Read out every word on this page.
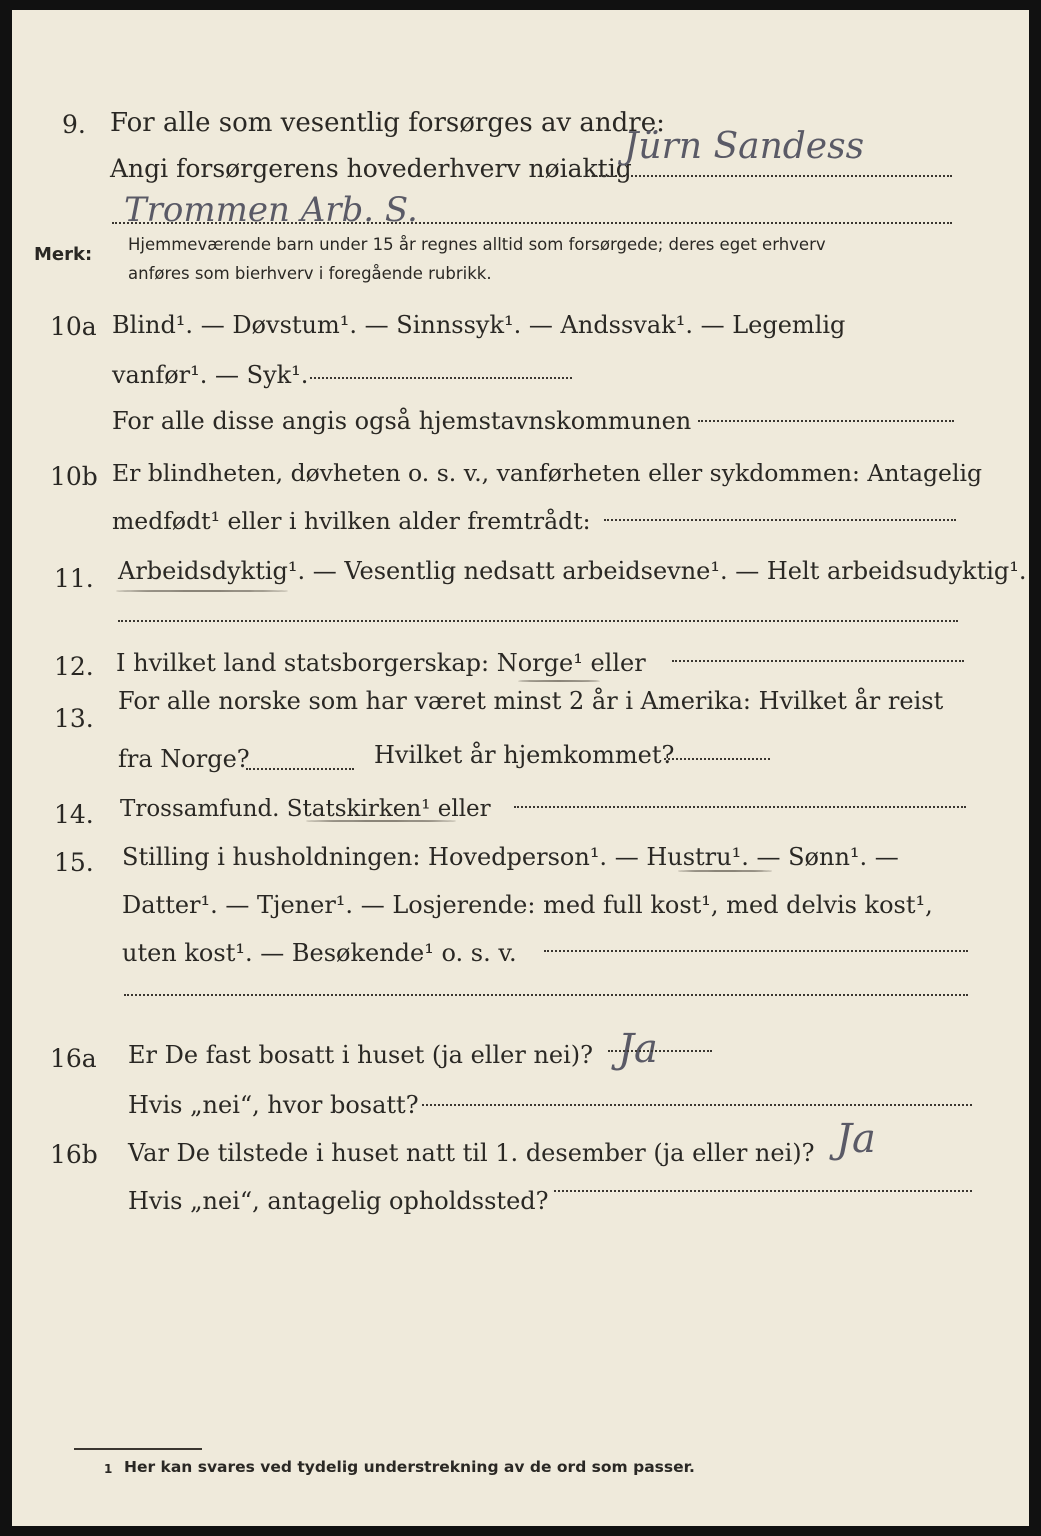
9. For alle som vesentlig forsørges av andre:
Angi forsørgerens hovederhverv nøiaktig
Jürn Sandess
Trommen Arb. S.
Merk: Hjemmeværende barn under 15 år regnes alltid som forsørgede; deres eget erhverv
anføres som bierhverv i foregående rubrikk.
10a Blind¹. — Døvstum¹. — Sinnssyk¹. — Andssvak¹. — Legemlig
vanfør¹. — Syk¹.
For alle disse angis også hjemstavnskommunen
10b Er blindheten, døvheten o. s. v., vanførheten eller sykdommen: Antagelig
medfødt¹ eller i hvilken alder fremtrådt:
11. Arbeidsdyktig¹. — Vesentlig nedsatt arbeidsevne¹. — Helt arbeidsudyktig¹.
12. I hvilket land statsborgerskap: Norge¹ eller
13.
For alle norske som har været minst 2 år i Amerika: Hvilket år reist
fra Norge?	Hvilket år hjemkommet?
14. Trossamfund. Statskirken¹ eller
15. Stilling i husholdningen: Hovedperson¹. — Hustru¹. — Sønn¹. —
Datter¹. — Tjener¹. — Losjerende: med full kost¹, med delvis kost¹,
uten kost¹. — Besøkende¹ o. s. v.
16a Er De fast bosatt i huset (ja eller nei)? Ja
Hvis „nei“, hvor bosatt?
16b Var De tilstede i huset natt til 1. desember (ja eller nei)? Ja
Hvis „nei“, antagelig opholdssted?
1 Her kan svares ved tydelig understrekning av de ord som passer.
